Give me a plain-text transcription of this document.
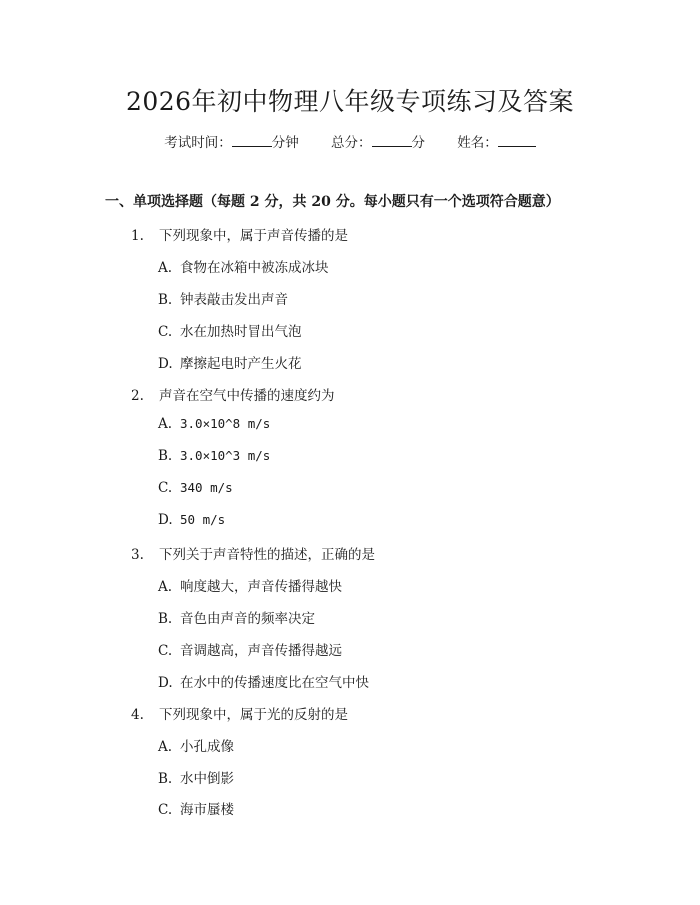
2026年初中物理八年级专项练习及答案
考试时间：	分钟 总分：	分 姓名：
一、单项选择题（每题 2 分，共 20 分。每小题只有一个选项符合题意）
1. 下列现象中，属于声音传播的是
A. 食物在冰箱中被冻成冰块
B. 钟表敲击发出声音
C. 水在加热时冒出气泡
D. 摩擦起电时产生火花
2. 声音在空气中传播的速度约为
A. 3.0×10^8 m/s
B. 3.0×10^3 m/s
C. 340 m/s
D. 50 m/s
3. 下列关于声音特性的描述，正确的是
A. 响度越大，声音传播得越快
B. 音色由声音的频率决定
C. 音调越高，声音传播得越远
D. 在水中的传播速度比在空气中快
4. 下列现象中，属于光的反射的是
A. 小孔成像
B. 水中倒影
C. 海市蜃楼
